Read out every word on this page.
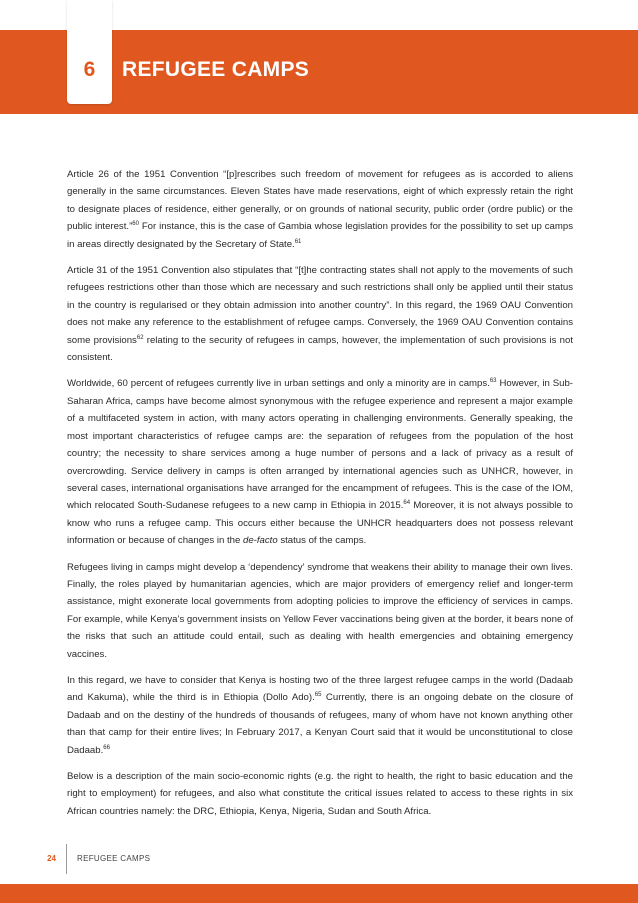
6	REFUGEE CAMPS

Article 26 of the 1951 Convention “[p]rescribes such freedom of movement for refugees as is accorded to aliens generally in the same circumstances. Eleven States have made reservations, eight of which expressly retain the right to designate places of residence, either generally, or on grounds of national security, public order (ordre public) or the public interest.”$^{60}$ For instance, this is the case of Gambia whose legislation provides for the possibility to set up camps in areas directly designated by the Secretary of State.$^{61}$

Article 31 of the 1951 Convention also stipulates that “[t]he contracting states shall not apply to the movements of such refugees restrictions other than those which are necessary and such restrictions shall only be applied until their status in the country is regularised or they obtain admission into another country”. In this regard, the 1969 OAU Convention does not make any reference to the establishment of refugee camps. Conversely, the 1969 OAU Convention contains some provisions$^{62}$ relating to the security of refugees in camps, however, the implementation of such provisions is not consistent.

Worldwide, 60 percent of refugees currently live in urban settings and only a minority are in camps.$^{63}$ However, in Sub-Saharan Africa, camps have become almost synonymous with the refugee experience and represent a major example of a multifaceted system in action, with many actors operating in challenging environments. Generally speaking, the most important characteristics of refugee camps are: the separation of refugees from the population of the host country; the necessity to share services among a huge number of persons and a lack of privacy as a result of overcrowding. Service delivery in camps is often arranged by international agencies such as UNHCR, however, in several cases, international organisations have arranged for the encampment of refugees. This is the case of the IOM, which relocated South-Sudanese refugees to a new camp in Ethiopia in 2015.64 Moreover, it is not always possible to know who runs a refugee camp. This occurs either because the UNHCR headquarters does not possess relevant information or because of changes in the de-facto status of the camps.

Refugees living in camps might develop a ‘dependency’ syndrome that weakens their ability to manage their own lives. Finally, the roles played by humanitarian agencies, which are major providers of emergency relief and longer-term assistance, might exonerate local governments from adopting policies to improve the efficiency of services in camps. For example, while Kenya’s government insists on Yellow Fever vaccinations being given at the border, it bears none of the risks that such an attitude could entail, such as dealing with health emergencies and obtaining emergency vaccines.

In this regard, we have to consider that Kenya is hosting two of the three largest refugee camps in the world (Dadaab and Kakuma), while the third is in Ethiopia (Dollo Ado).$^{65}$ Currently, there is an ongoing debate on the closure of Dadaab and on the destiny of the hundreds of thousands of refugees, many of whom have not known anything other than that camp for their entire lives; In February 2017, a Kenyan Court said that it would be unconstitutional to close Dadaab.$^{66}$

Below is a description of the main socio-economic rights (e.g. the right to health, the right to basic education and the right to employment) for refugees, and also what constitute the critical issues related to access to these rights in six African countries namely: the DRC, Ethiopia, Kenya, Nigeria, Sudan and South Africa.

24	REFUGEE CAMPS
